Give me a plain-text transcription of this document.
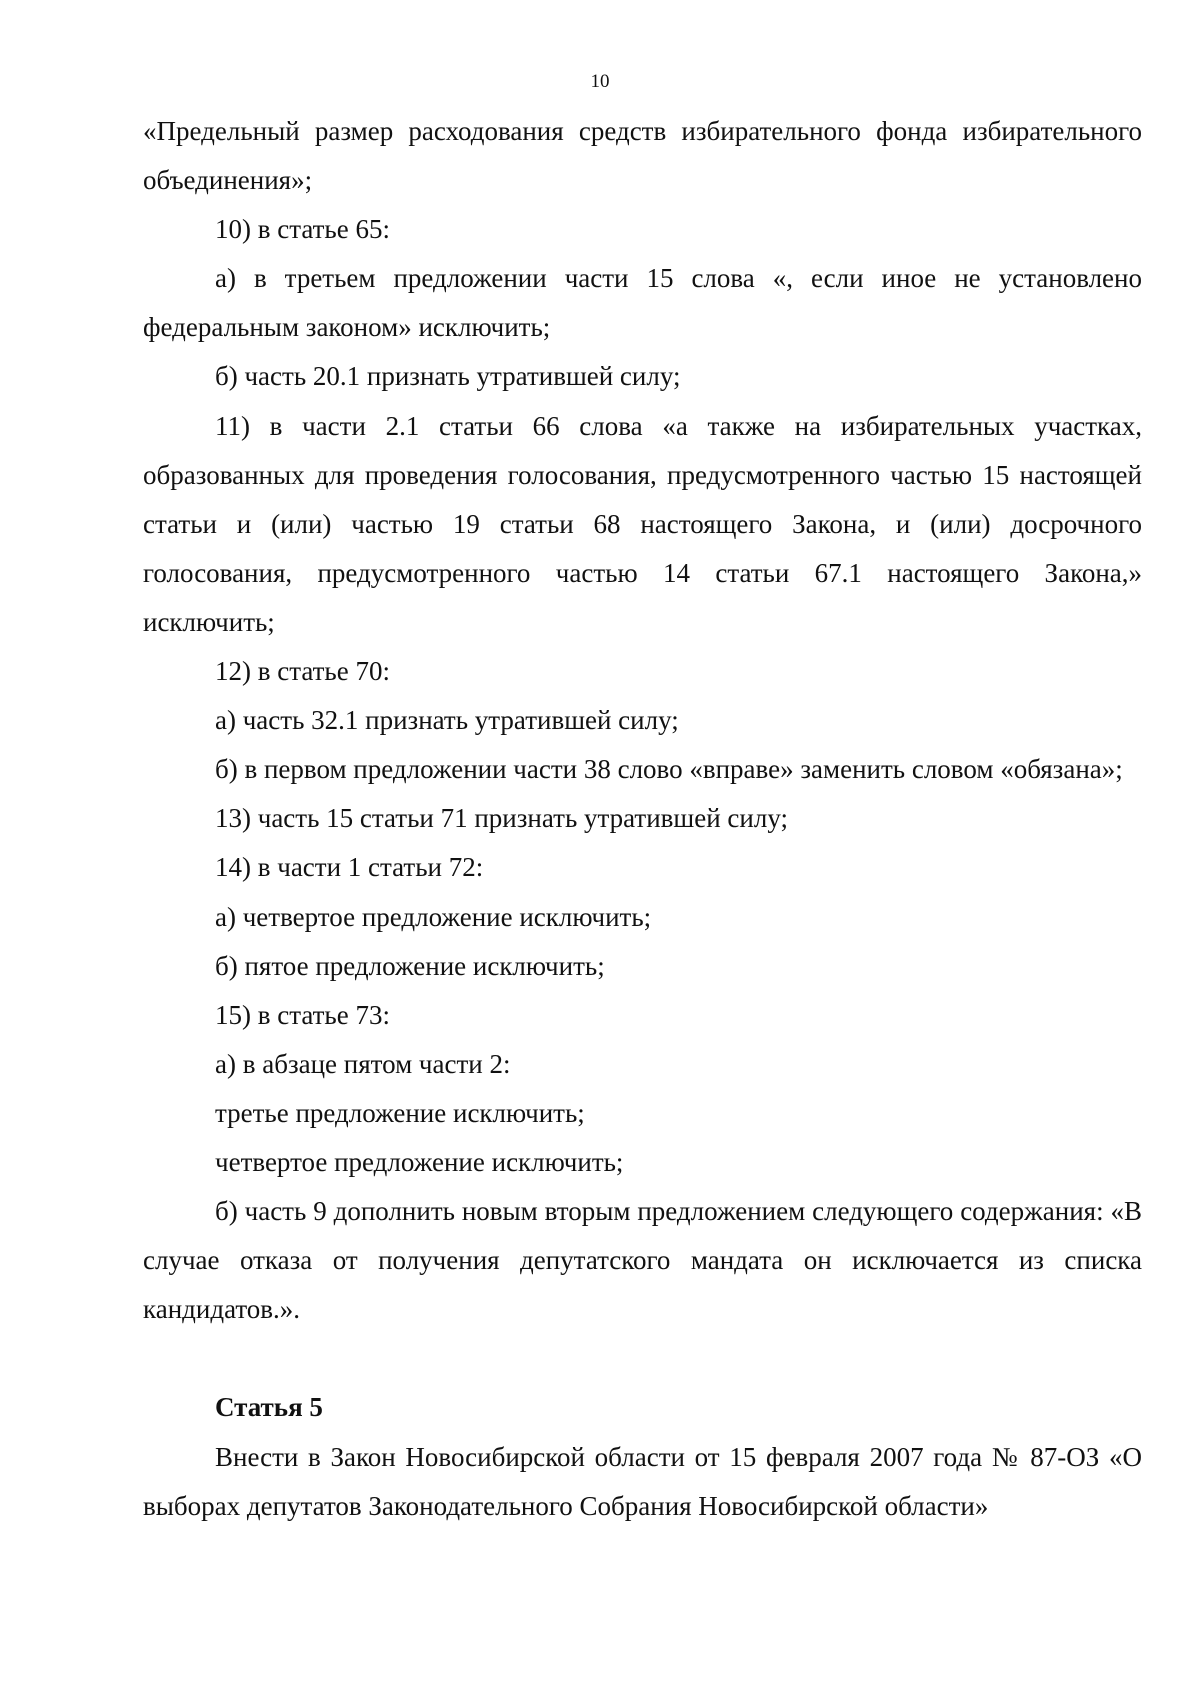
10

«Предельный размер расходования средств избирательного фонда избирательного объединения»;

10) в статье 65:

а) в третьем предложении части 15 слова «, если иное не установлено федеральным законом» исключить;

б) часть 20.1 признать утратившей силу;

11) в части 2.1 статьи 66 слова «а также на избирательных участках, образованных для проведения голосования, предусмотренного частью 15 настоящей статьи и (или) частью 19 статьи 68 настоящего Закона, и (или) досрочного голосования, предусмотренного частью 14 статьи 67.1 настоящего Закона,» исключить;

12) в статье 70:

а) часть 32.1 признать утратившей силу;

б) в первом предложении части 38 слово «вправе» заменить словом «обязана»;

13) часть 15 статьи 71 признать утратившей силу;

14) в части 1 статьи 72:

а) четвертое предложение исключить;

б) пятое предложение исключить;

15) в статье 73:

а) в абзаце пятом части 2:

третье предложение исключить;

четвертое предложение исключить;

б) часть 9 дополнить новым вторым предложением следующего содержания: «В случае отказа от получения депутатского мандата он исключается из списка кандидатов.».

Статья 5

Внести в Закон Новосибирской области от 15 февраля 2007 года № 87-ОЗ «О выборах депутатов Законодательного Собрания Новосибирской области»
